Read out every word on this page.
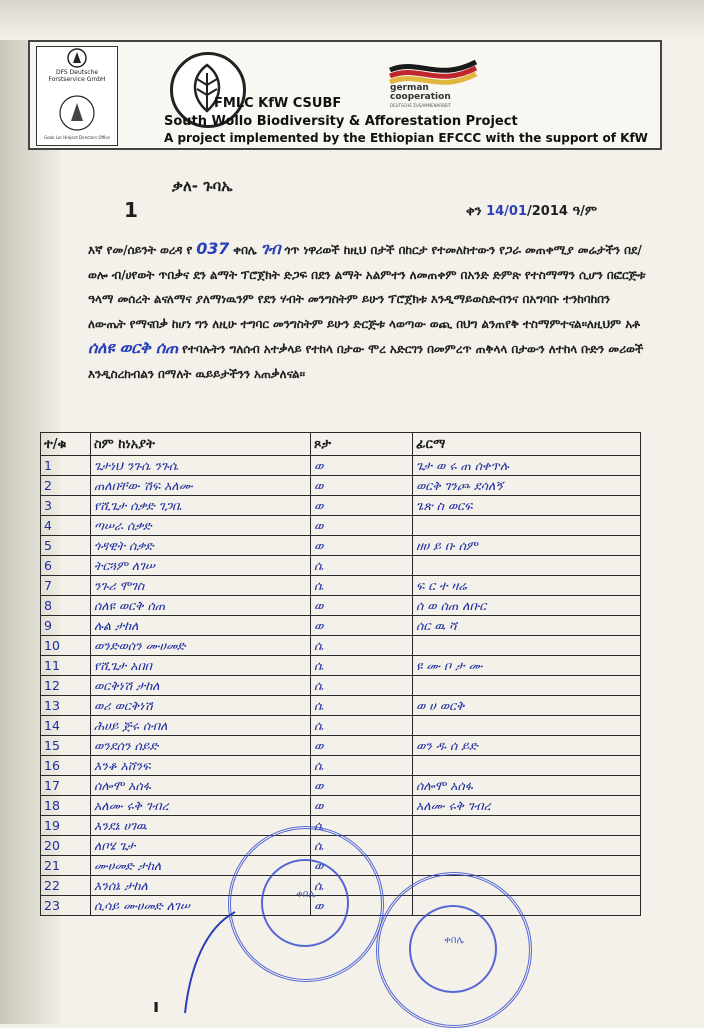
DFS Deutsche Forstservice GmbH
Godo Lor Hroject Directors Office
german
cooperation
DEUTSCHE ZUSAMMENARBEIT
FMLC KfW CSUBF
South Wollo Biodiversity & Afforestation Project
A project implemented by the Ethiopian EFCCC with the support of KfW
ቃለ- ጉባኤ
1	ቀን 14/01/2014 ዓ/ም
እኛ የመ/ሰይንት ወረዳ የ 037 ቀበሌ ገብ ጎጥ ነዋሪወች ከዚህ በታች በከርታ የተመለከተውን የጋራ መጠቀሚያ መሬታችን በደ/ወሎ ብ/ሀየወት ጥበቃና ደን ልማት ፕሮጀክት ድጋፍ በደን ልማት አልምተን ለመጠቀም በአንድ ድምጽ የተስማማን ሲሆን በፎርጅቱ ዓላማ መሰረት ልናለማና ያለማነዉንም የደን ሃብት መንግስትም ይሁን ፕሮጀክቱ እንዲማይወስድብንና በአግባቡ ተንከባከበን ለውጤት የማናበቃ ከሆነ ግን ለዚሁ ተግባር መንግስትም ይሁን ድርጅቱ ላወጣው ወጪ በህግ ልንጠየቅ ተስማምተናል፡፡ለዚህም አቶ ሰለዩ ወርቅ ሰጠ የተባሉትን ግለሰብ አተቃላይ የተከላ በታው ሞረ አድርገን በመምረጥ ጠቅላላ በታውን ለተከላ ቡድን መሪወች እንዲስረከብልን በማለት ዉይይታችንን አጠቃለናል፡፡
ተ/ቁ	ስም ከነአያት	ጾታ	ፊርማ
1	ጌታነህ ንጉሴ ንጉሴ	ወ	ጌታ ወ ሩ ጠ ሰቀጥሉ
2	ጠለበቸው ሽፍ አለሙ	ወ	ወርቅ ገንጮ ደሳለኝ
3	የሺጌታ ሰቃድ ገጋቤ	ወ	ጌጽ ስ ወርፍ
4	ጣሠራ ሰቃድ	ወ	
5	ጎዳዊት ሰቃድ	ወ	ዘሀ ይ ቡ ሰም
6	ትርጓም ለገሠ	ሴ	
7	ንጉሪ ሞገስ	ሴ	ፍ ር ተ ዛሬ
8	ሰለዩ ወርቅ ሰጠ	ወ	ሰ ወ ሰጠ ለቡር
9	ሉል ታከለ	ወ	ሰር ዉ ሻ
10	ወንድወሰን ሙሀመድ	ሴ	
11	የሺጌታ አበበ	ሴ	ዩ ሙ ቦ ታ ሙ
12	ወርቅነሽ ታከለ	ሴ	
13	ወሪ ወርቅነሽ	ሴ	ወ ሀ ወርቅ
14	ሕሀይ ጅሩ ሰብለ	ሴ	
15	ወንደሰን ሰይድ	ወ	ወን ዱ ሰ ይድ
16	እንቆ አሸንፍ	ሴ	
17	ሰሎሞ አሰፋ	ወ	ሰሎሞ አሰፋ
18	አለሙ ሩቅ ገብረ	ወ	አለሙ ሩቅ ገብረ
19	እንደኔ ሀገዉ	ሴ	
20	ለቦሄ ጌታ	ሴ	
21	ሙሀመድ ታከለ	ወ	
22	እንሰኔ ታከለ	ሴ	
23	ሲሳይ ሙሀመድ ለገሠ	ወ	
ቀበሌ
ቀበሌ
ı
